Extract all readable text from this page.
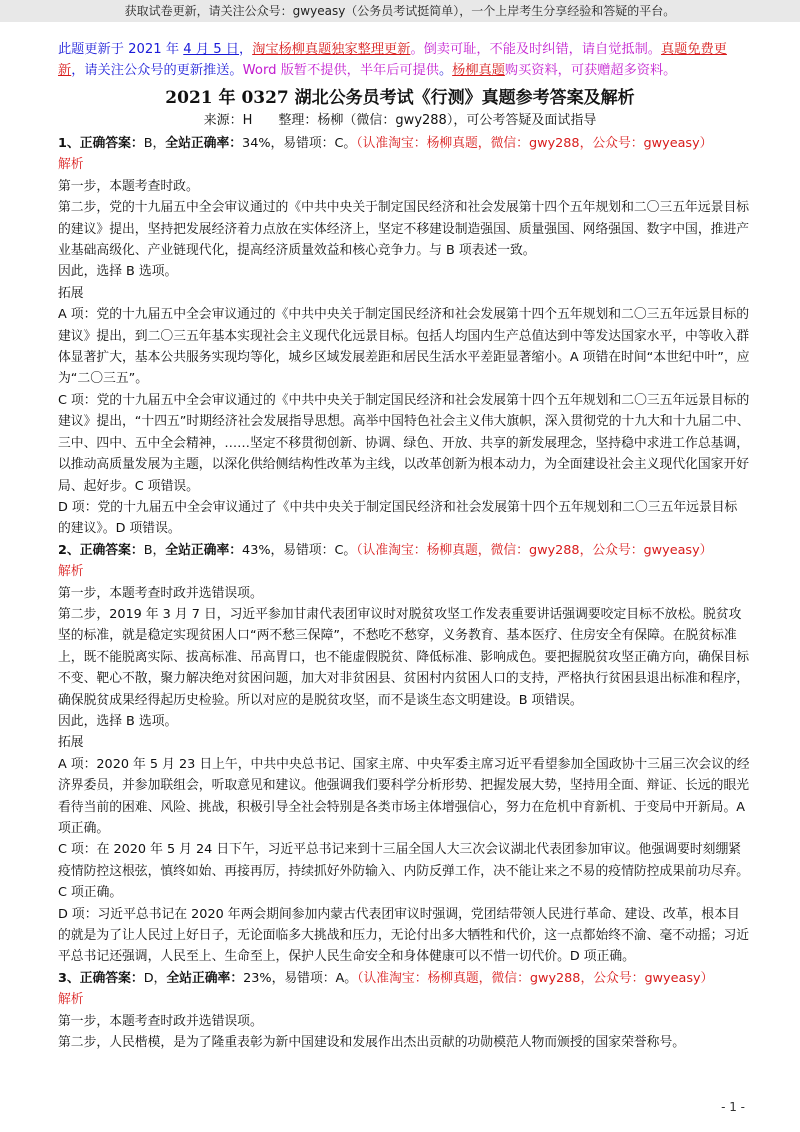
获取试卷更新，请关注公众号：gwyeasy（公务员考试挺简单），一个上岸考生分享经验和答疑的平台。
此题更新于 2021 年 4 月 5 日，淘宝杨柳真题独家整理更新。倒卖可耻，不能及时纠错，请自觉抵制。真题免费更新，请关注公众号的更新推送。Word 版暂不提供，半年后可提供。杨柳真题购买资料，可获赠超多资料。
2021 年 0327 湖北公务员考试《行测》真题参考答案及解析
来源：H　　整理：杨柳（微信：gwy288），可公考答疑及面试指导

1、正确答案：B，全站正确率：34%，易错项：C。（认准淘宝：杨柳真题，微信：gwy288，公众号：gwyeasy）

解析

第一步，本题考查时政。

第二步，党的十九届五中全会审议通过的《中共中央关于制定国民经济和社会发展第十四个五年规划和二〇三五年远景目标的建议》提出，坚持把发展经济着力点放在实体经济上，坚定不移建设制造强国、质量强国、网络强国、数字中国，推进产业基础高级化、产业链现代化，提高经济质量效益和核心竞争力。与 B 项表述一致。

因此，选择 B 选项。

拓展

A 项：党的十九届五中全会审议通过的《中共中央关于制定国民经济和社会发展第十四个五年规划和二〇三五年远景目标的建议》提出，到二〇三五年基本实现社会主义现代化远景目标。包括人均国内生产总值达到中等发达国家水平，中等收入群体显著扩大，基本公共服务实现均等化，城乡区域发展差距和居民生活水平差距显著缩小。A 项错在时间“本世纪中叶”，应为“二〇三五”。

C 项：党的十九届五中全会审议通过的《中共中央关于制定国民经济和社会发展第十四个五年规划和二〇三五年远景目标的建议》提出，“十四五”时期经济社会发展指导思想。高举中国特色社会主义伟大旗帜，深入贯彻党的十九大和十九届二中、三中、四中、五中全会精神，……坚定不移贯彻创新、协调、绿色、开放、共享的新发展理念，坚持稳中求进工作总基调，以推动高质量发展为主题，以深化供给侧结构性改革为主线，以改革创新为根本动力，为全面建设社会主义现代化国家开好局、起好步。C 项错误。

D 项：党的十九届五中全会审议通过了《中共中央关于制定国民经济和社会发展第十四个五年规划和二〇三五年远景目标的建议》。D 项错误。

2、正确答案：B，全站正确率：43%，易错项：C。（认准淘宝：杨柳真题，微信：gwy288，公众号：gwyeasy）

解析

第一步，本题考查时政并选错误项。

第二步，2019 年 3 月 7 日，习近平参加甘肃代表团审议时对脱贫攻坚工作发表重要讲话强调要咬定目标不放松。脱贫攻坚的标准，就是稳定实现贫困人口“两不愁三保障”，不愁吃不愁穿，义务教育、基本医疗、住房安全有保障。在脱贫标准上，既不能脱离实际、拔高标准、吊高胃口，也不能虚假脱贫、降低标准、影响成色。要把握脱贫攻坚正确方向，确保目标不变、靶心不散，聚力解决绝对贫困问题，加大对非贫困县、贫困村内贫困人口的支持，严格执行贫困县退出标准和程序，确保脱贫成果经得起历史检验。所以对应的是脱贫攻坚，而不是谈生态文明建设。B 项错误。

因此，选择 B 选项。

拓展

A 项：2020 年 5 月 23 日上午，中共中央总书记、国家主席、中央军委主席习近平看望参加全国政协十三届三次会议的经济界委员，并参加联组会，听取意见和建议。他强调我们要科学分析形势、把握发展大势，坚持用全面、辩证、长远的眼光看待当前的困难、风险、挑战，积极引导全社会特别是各类市场主体增强信心，努力在危机中育新机、于变局中开新局。A 项正确。

C 项：在 2020 年 5 月 24 日下午，习近平总书记来到十三届全国人大三次会议湖北代表团参加审议。他强调要时刻绷紧疫情防控这根弦，慎终如始、再接再厉，持续抓好外防输入、内防反弹工作，决不能让来之不易的疫情防控成果前功尽弃。C 项正确。

D 项：习近平总书记在 2020 年两会期间参加内蒙古代表团审议时强调，党团结带领人民进行革命、建设、改革，根本目的就是为了让人民过上好日子，无论面临多大挑战和压力，无论付出多大牺牲和代价，这一点都始终不渝、毫不动摇；习近平总书记还强调，人民至上、生命至上，保护人民生命安全和身体健康可以不惜一切代价。D 项正确。

3、正确答案：D，全站正确率：23%，易错项：A。（认准淘宝：杨柳真题，微信：gwy288，公众号：gwyeasy）

解析

第一步，本题考查时政并选错误项。

第二步，人民楷模，是为了隆重表彰为新中国建设和发展作出杰出贡献的功勋模范人物而颁授的国家荣誉称号。

- 1 -
